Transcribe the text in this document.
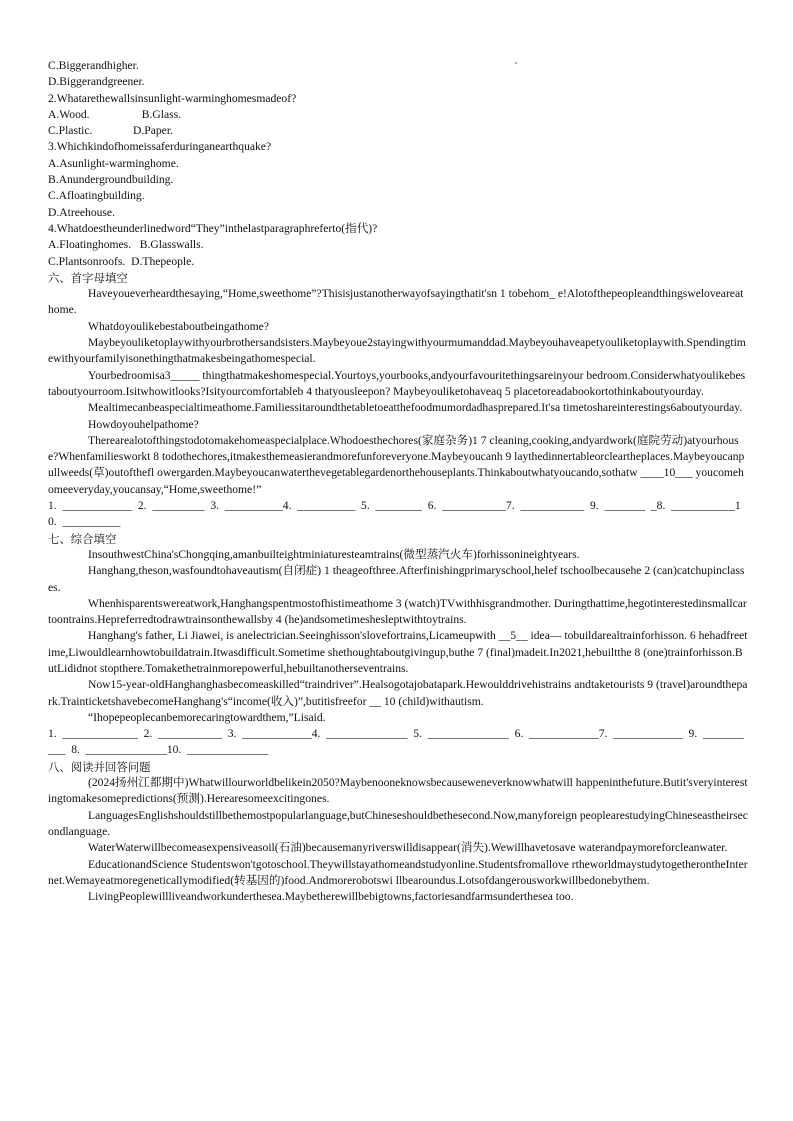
C.Biggerandhigher.
D.Biggerandgreener.
2.Whatarethewallsinsunlight-warminghomesmadeof?
A.Wood.                  B.Glass.
C.Plastic.              D.Paper.
3.Whichkindofhomeissaferduringanearthquake?
A.Asunlight-warminghome.
B.Anundergroundbuilding.
C.Afloatingbuilding.
D.Atreehouse.
4.Whatdoestheunderlinedword“They”inthelastparagraphreferto(指代)?
A.Floatinghomes.   B.Glasswalls.
C.Plantsonroofs.  D.Thepeople.
六、首字母填空
Haveyoueverheardthesaying,“Home,sweethome”?Thisisjustanotherwayofsayingthatit'sn 1 tobehom_ e!Alotofthepeopleandthingsweloveareathome.
Whatdoyoulikebestaboutbeingathome?
Maybeyouliketoplaywithyourbrothersandsisters.Maybeyoue2stayingwithyourmumanddad.Maybeyouhaveapetyouliketoplaywith.Spendingtimewithyourfamilyisonethingthatmakesbeingathomespecial.
Yourbedroomisa3_____ thingthatmakeshomespecial.Yourtoys,yourbooks,andyourfavouritethingsareinyour bedroom.Considerwhatyoulikebestaboutyourroom.Isitwhowitlooks?Isityourcomfortableb 4 thatyousleepon? Maybeyouliketohaveaq 5 placetoreadabookortothinkaboutyourday.
Mealtimecanbeaspecialtimeathome.Familiessitaroundthetabletoeatthefoodmumordadhasprepared.It'sa timetoshareinterestings6aboutyourday.
Howdoyouhelpathome?
Therearealotofthingstodotomakehomeaspecialplace.Whodoesthechores(家庭杂务)1 7 cleaning,cooking,andyardwork(庭院劳动)atyourhouse?Whenfamiliesworkt 8 todothechores,itmakesthemeasierandmorefunforeveryone.Maybeyoucanh 9 laythedinnertableorcleartheplaces.Maybeyoucanpullweeds(草)outofthefl owergarden.Maybeyoucanwaterthevegetablegardenorthehouseplants.Thinkaboutwhatyoucando,sothatw ____10___ youcomehomeeveryday,youcansay,“Home,sweethome!”
1.  ____________  2.  _________  3.  __________4.  __________  5.  ________  6.  ___________7.  ___________  9.  _______  _8.  ___________10.  __________
七、综合填空
InsouthwestChina'sChongqing,amanbuilteightminiaturesteamtrains(微型蒸汽火车)forhissonineightyears.
Hanghang,theson,wasfoundtohaveautism(自闭症) 1 theageofthree.Afterfinishingprimaryschool,helef tschoolbecausehe 2 (can)catchupinclasses.
Whenhisparentswereatwork,Hanghangspentmostofhistimeathome 3 (watch)TVwithhisgrandmother. Duringthattime,hegotinterestedinsmallcartoontrains.Hepreferredtodrawtrainsonthewallsby 4 (he)andsometimeshesleptwithtoytrains.
Hanghang's father, Li Jiawei, is anelectrician.Seeinghisson'slovefortrains,Licameupwith __5__ idea— tobuildarealtrainforhisson. 6 hehadfreetime,Liwouldlearnhowtobuildatrain.Itwasdifficult.Sometime shethoughtaboutgivingup,buthe 7 (final)madeit.In2021,hebuiltthe 8 (one)trainforhisson.ButLididnot stopthere.Tomakethetrainmorepowerful,hebuiltanotherseventrains.
Now15-year-oldHanghanghasbecomeaskilled“traindriver”.Healsogotajobatapark.Hewoulddrivehistrains andtaketourists 9 (travel)aroundthepark.TrainticketshavebecomeHanghang's“income(收入)”,butitisfreefor __ 10 (child)withautism.
“Ihopepeoplecanbemorecaringtowardthem,”Lisaid.
1.  _____________  2.  ___________  3.  ____________4.  ______________  5.  ______________  6.  ____________7.  ____________  9.  __________  8.  ______________10.  ______________
八、阅读并回答问题
(2024扬州江都期中)Whatwillourworldbelikein2050?Maybenooneknowsbecauseweneverknowwhatwill happeninthefuture.Butit'sveryinterestingtomakesomepredictions(预测).Herearesomeexcitingones.
LanguagesEnglishshouldstillbethemostpopularlanguage,butChineseshouldbethesecond.Now,manyforeign peoplearestudyingChineseastheirsecondlanguage.
WaterWaterwillbecomeasexpensiveasoil(石油)becausemanyriverswilldisappear(消失).Wewillhavetosave waterandpaymoreforcleanwater.
EducationandScience Studentswon'tgotoschool.Theywillstayathomeandstudyonline.Studentsfromallove rtheworldmaystudytogetherontheInternet.Wemayeatmoregeneticallymodified(转基因的)food.Andmorerobotswi llbearoundus.Lotsofdangerousworkwillbedonebythem.
LivingPeoplewillliveandworkunderthesea.Maybetherewillbebigtowns,factoriesandfarmsunderthesea too.
